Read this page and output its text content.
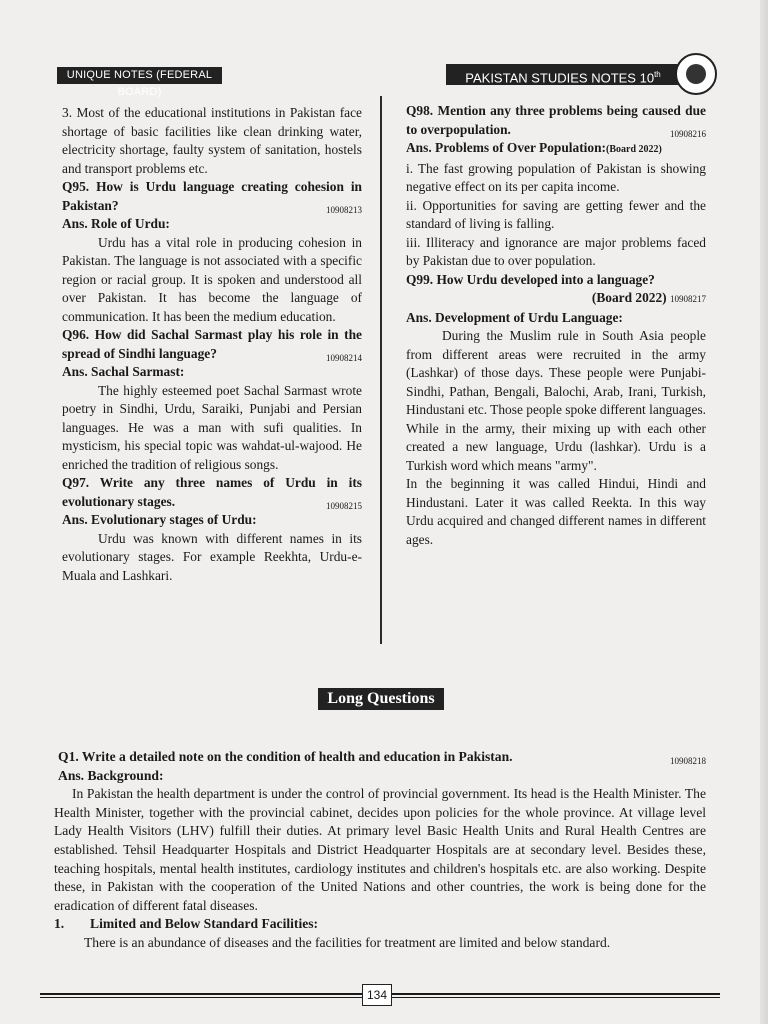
UNIQUE NOTES (FEDERAL BOARD)
PAKISTAN STUDIES NOTES 10th

3. Most of the educational institutions in Pakistan face shortage of basic facilities like clean drinking water, electricity shortage, faulty system of sanitation, hostels and transport problems etc.

Q95. How is Urdu language creating cohesion in Pakistan?	10908213

Ans. Role of Urdu:

Urdu has a vital role in producing cohesion in Pakistan. The language is not associated with a specific region or racial group. It is spoken and understood all over Pakistan. It has become the language of communication. It has been the medium education.

Q96. How did Sachal Sarmast play his role in the spread of Sindhi language?	10908214

Ans. Sachal Sarmast:

The highly esteemed poet Sachal Sarmast wrote poetry in Sindhi, Urdu, Saraiki, Punjabi and Persian languages. He was a man with sufi qualities. In mysticism, his special topic was wahdat-ul-wajood. He enriched the tradition of religious songs.

Q97. Write any three names of Urdu in its evolutionary stages.	10908215

Ans. Evolutionary stages of Urdu:

Urdu was known with different names in its evolutionary stages. For example Reekhta, Urdu-e-Muala and Lashkari.

Q98. Mention any three problems being caused due to overpopulation.	10908216

Ans. Problems of Over Population:(Board 2022)

i. The fast growing population of Pakistan is showing negative effect on its per capita income.

ii. Opportunities for saving are getting fewer and the standard of living is falling.

iii. Illiteracy and ignorance are major problems faced by Pakistan due to over population.

Q99. How Urdu developed into a language?

(Board 2022) 10908217

Ans. Development of Urdu Language:

During the Muslim rule in South Asia people from different areas were recruited in the army (Lashkar) of those days. These people were Punjabi-Sindhi, Pathan, Bengali, Balochi, Arab, Irani, Turkish, Hindustani etc. Those people spoke different languages. While in the army, their mixing up with each other created a new language, Urdu (lashkar). Urdu is a Turkish word which means "army".

In the beginning it was called Hindui, Hindi and Hindustani. Later it was called Reekta. In this way Urdu acquired and changed different names in different ages.

Long Questions

Q1. Write a detailed note on the condition of health and education in Pakistan.	10908218

Ans. Background:

In Pakistan the health department is under the control of provincial government. Its head is the Health Minister. The Health Minister, together with the provincial cabinet, decides upon policies for the whole province. At village level Lady Health Visitors (LHV) fulfill their duties. At primary level Basic Health Units and Rural Health Centres are established. Tehsil Headquarter Hospitals and District Headquarter Hospitals are at secondary level. Besides these, teaching hospitals, mental health institutes, cardiology institutes and children's hospitals etc. are also working. Despite these, in Pakistan with the cooperation of the United Nations and other countries, the work is being done for the eradication of different fatal diseases.

1. Limited and Below Standard Facilities:

There is an abundance of diseases and the facilities for treatment are limited and below standard.

134
